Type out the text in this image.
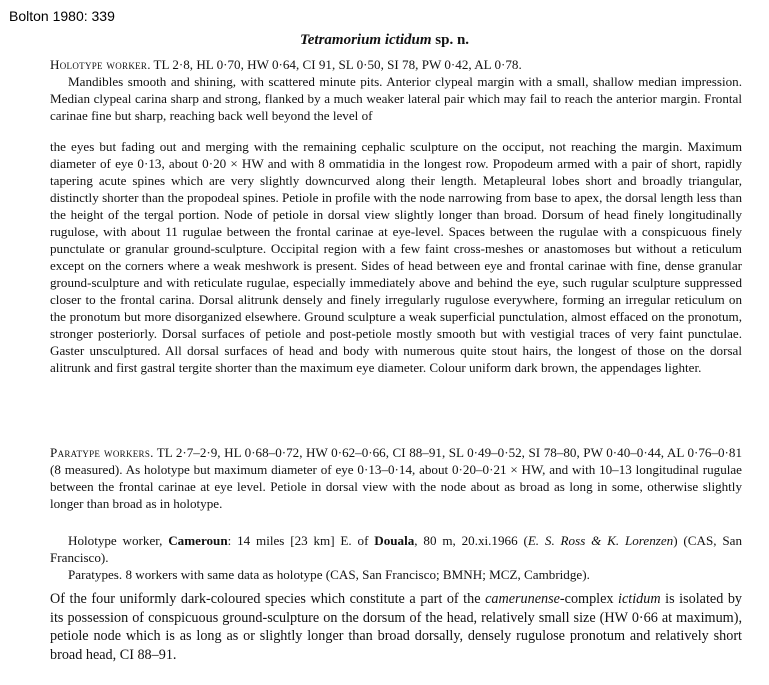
Bolton 1980: 339
Tetramorium ictidum sp. n.

Holotype worker. TL 2·8, HL 0·70, HW 0·64, CI 91, SL 0·50, SI 78, PW 0·42, AL 0·78.

Mandibles smooth and shining, with scattered minute pits. Anterior clypeal margin with a small, shallow median impression. Median clypeal carina sharp and strong, flanked by a much weaker lateral pair which may fail to reach the anterior margin. Frontal carinae fine but sharp, reaching back well beyond the level of

the eyes but fading out and merging with the remaining cephalic sculpture on the occiput, not reaching the margin. Maximum diameter of eye 0·13, about 0·20 × HW and with 8 ommatidia in the longest row. Propodeum armed with a pair of short, rapidly tapering acute spines which are very slightly downcurved along their length. Metapleural lobes short and broadly triangular, distinctly shorter than the propodeal spines. Petiole in profile with the node narrowing from base to apex, the dorsal length less than the height of the tergal portion. Node of petiole in dorsal view slightly longer than broad. Dorsum of head finely longitudinally rugulose, with about 11 rugulae between the frontal carinae at eye-level. Spaces between the rugulae with a conspicuous finely punctulate or granular ground-sculpture. Occipital region with a few faint cross-meshes or anastomoses but without a reticulum except on the corners where a weak meshwork is present. Sides of head between eye and frontal carinae with fine, dense granular ground-sculpture and with reticulate rugulae, especially immediately above and behind the eye, such rugular sculpture suppressed closer to the frontal carina. Dorsal alitrunk densely and finely irregularly rugulose everywhere, forming an irregular reticulum on the pronotum but more disorganized elsewhere. Ground sculpture a weak superficial punctulation, almost effaced on the pronotum, stronger posteriorly. Dorsal surfaces of petiole and post-petiole mostly smooth but with vestigial traces of very faint punctulae. Gaster unsculptured. All dorsal surfaces of head and body with numerous quite stout hairs, the longest of those on the dorsal alitrunk and first gastral tergite shorter than the maximum eye diameter. Colour uniform dark brown, the appendages lighter.

Paratype workers. TL 2·7–2·9, HL 0·68–0·72, HW 0·62–0·66, CI 88–91, SL 0·49–0·52, SI 78–80, PW 0·40–0·44, AL 0·76–0·81 (8 measured). As holotype but maximum diameter of eye 0·13–0·14, about 0·20–0·21 × HW, and with 10–13 longitudinal rugulae between the frontal carinae at eye level. Petiole in dorsal view with the node about as broad as long in some, otherwise slightly longer than broad as in holotype.

Holotype worker, Cameroun: 14 miles [23 km] E. of Douala, 80 m, 20.xi.1966 (E. S. Ross & K. Lorenzen) (CAS, San Francisco).

Paratypes. 8 workers with same data as holotype (CAS, San Francisco; BMNH; MCZ, Cambridge).

Of the four uniformly dark-coloured species which constitute a part of the camerunense-complex ictidum is isolated by its possession of conspicuous ground-sculpture on the dorsum of the head, relatively small size (HW 0·66 at maximum), petiole node which is as long as or slightly longer than broad dorsally, densely rugulose pronotum and relatively short broad head, CI 88–91.
